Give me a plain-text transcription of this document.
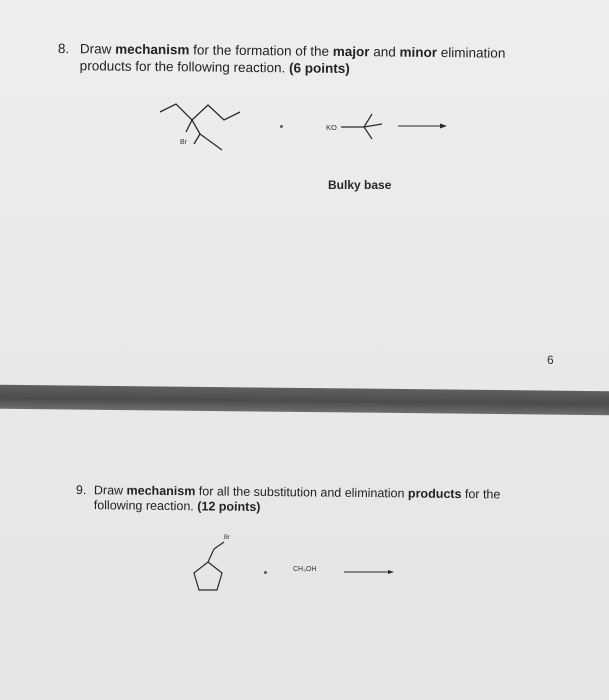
8. Draw mechanism for the formation of the major and minor elimination
products for the following reaction. (6 points)
Br
KO
Bulky base
6
9. Draw mechanism for all the substitution and elimination products for the
following reaction. (12 points)
Br
CH₃OH
